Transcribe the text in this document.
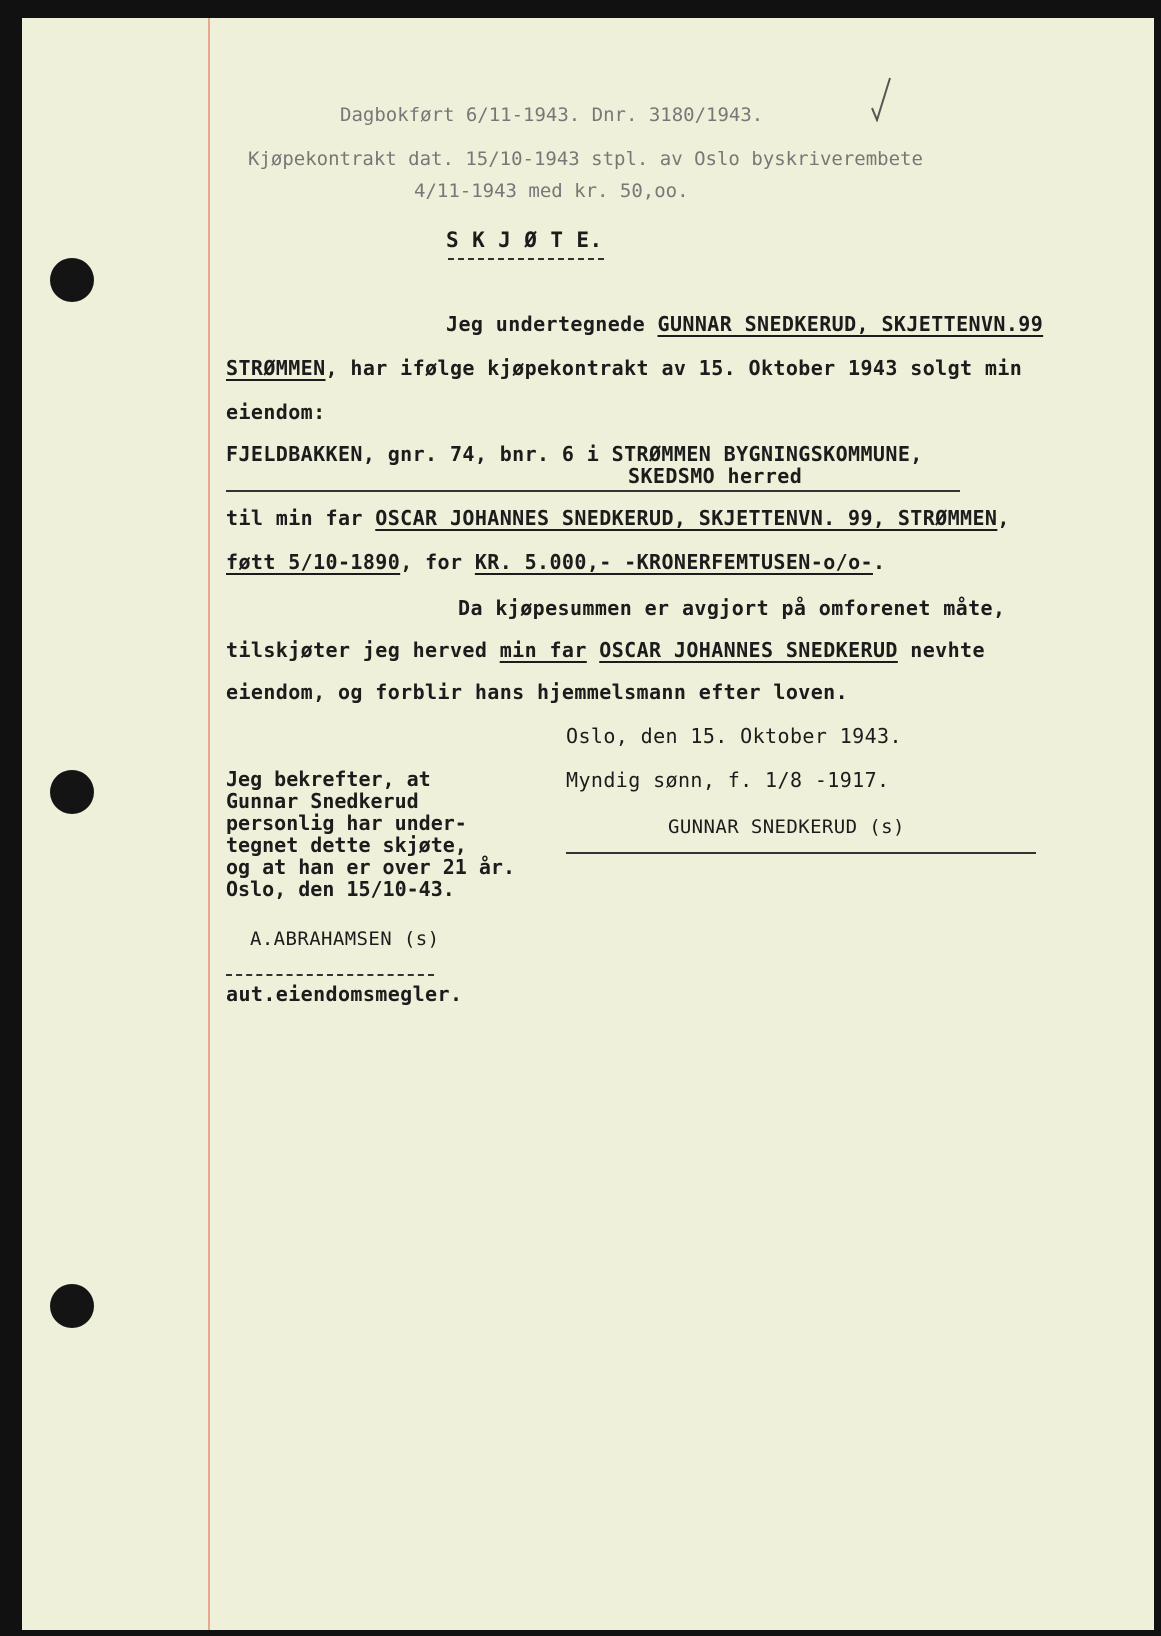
Dagbokført 6/11-1943. Dnr. 3180/1943.
Kjøpekontrakt dat. 15/10-1943 stpl. av Oslo byskriverembete
4/11-1943 med kr. 50,oo.
S K J Ø T E.
Jeg undertegnede GUNNAR SNEDKERUD, SKJETTENVN.99
STRØMMEN, har ifølge kjøpekontrakt av 15. Oktober 1943 solgt min
eiendom:
FJELDBAKKEN, gnr. 74, bnr. 6 i STRØMMEN BYGNINGSKOMMUNE,
SKEDSMO herred
til min far OSCAR JOHANNES SNEDKERUD, SKJETTENVN. 99, STRØMMEN,
føtt 5/10-1890, for KR. 5.000,- -KRONERFEMTUSEN-o/o-.
Da kjøpesummen er avgjort på omforenet måte,
tilskjøter jeg herved min far OSCAR JOHANNES SNEDKERUD nevhte
eiendom, og forblir hans hjemmelsmann efter loven.
Oslo, den 15. Oktober 1943.
Myndig sønn, f. 1/8 -1917.
GUNNAR SNEDKERUD (s)
Jeg bekrefter, at
Gunnar Snedkerud
personlig har under-
tegnet dette skjøte,
og at han er over 21 år.
Oslo, den 15/10-43.
A.ABRAHAMSEN (s)
aut.eiendomsmegler.
